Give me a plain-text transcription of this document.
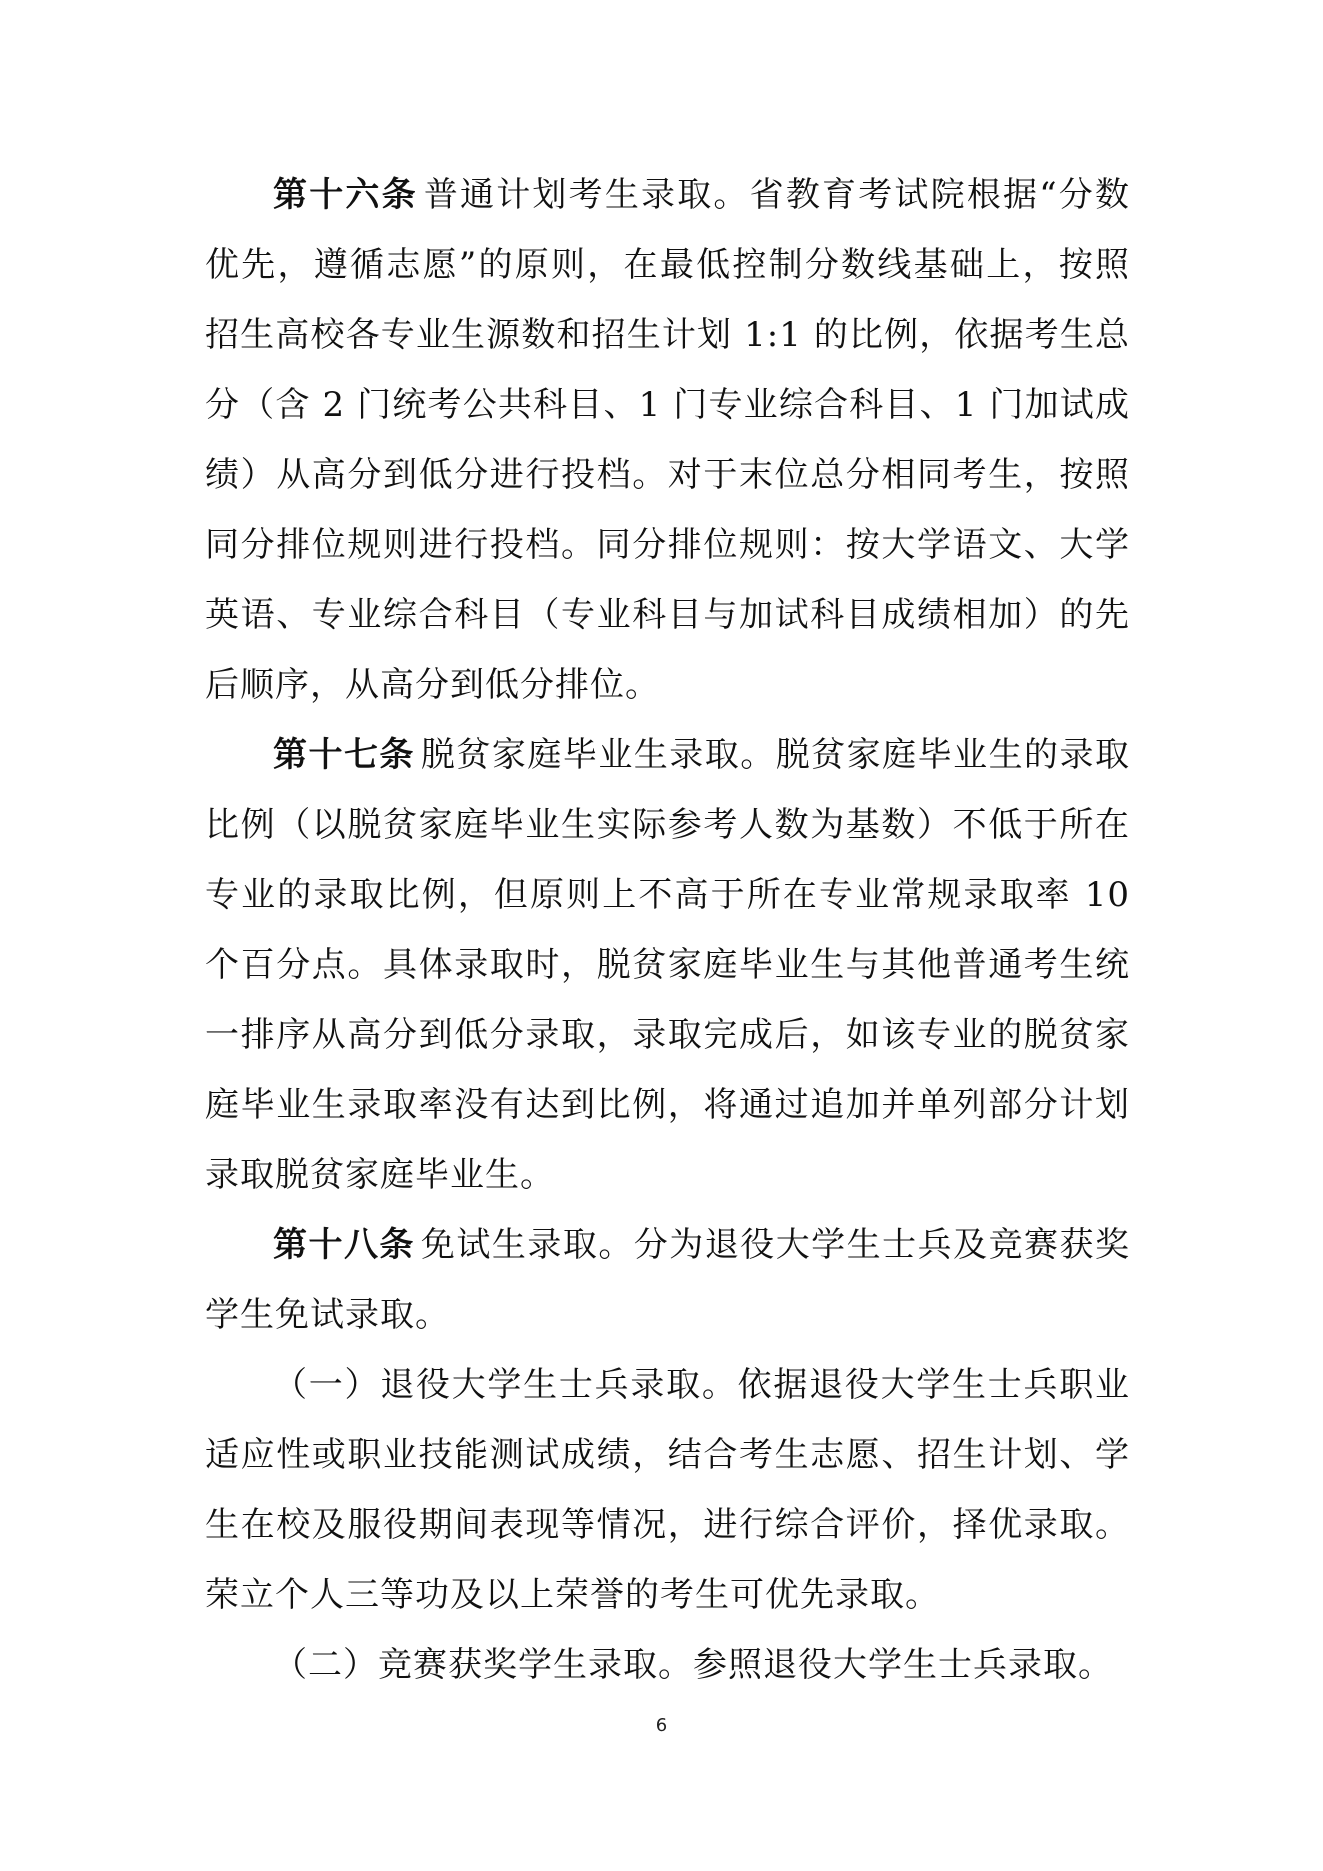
第十六条 普通计划考生录取。省教育考试院根据“分数优先，遵循志愿”的原则，在最低控制分数线基础上，按照招生高校各专业生源数和招生计划 1:1 的比例，依据考生总分（含 2 门统考公共科目、1 门专业综合科目、1 门加试成绩）从高分到低分进行投档。对于末位总分相同考生，按照同分排位规则进行投档。同分排位规则：按大学语文、大学英语、专业综合科目（专业科目与加试科目成绩相加）的先后顺序，从高分到低分排位。

第十七条 脱贫家庭毕业生录取。脱贫家庭毕业生的录取比例（以脱贫家庭毕业生实际参考人数为基数）不低于所在专业的录取比例，但原则上不高于所在专业常规录取率 10 个百分点。具体录取时，脱贫家庭毕业生与其他普通考生统一排序从高分到低分录取，录取完成后，如该专业的脱贫家庭毕业生录取率没有达到比例，将通过追加并单列部分计划录取脱贫家庭毕业生。

第十八条 免试生录取。分为退役大学生士兵及竞赛获奖学生免试录取。

（一）退役大学生士兵录取。依据退役大学生士兵职业适应性或职业技能测试成绩，结合考生志愿、招生计划、学生在校及服役期间表现等情况，进行综合评价，择优录取。荣立个人三等功及以上荣誉的考生可优先录取。

（二）竞赛获奖学生录取。参照退役大学生士兵录取。

6
